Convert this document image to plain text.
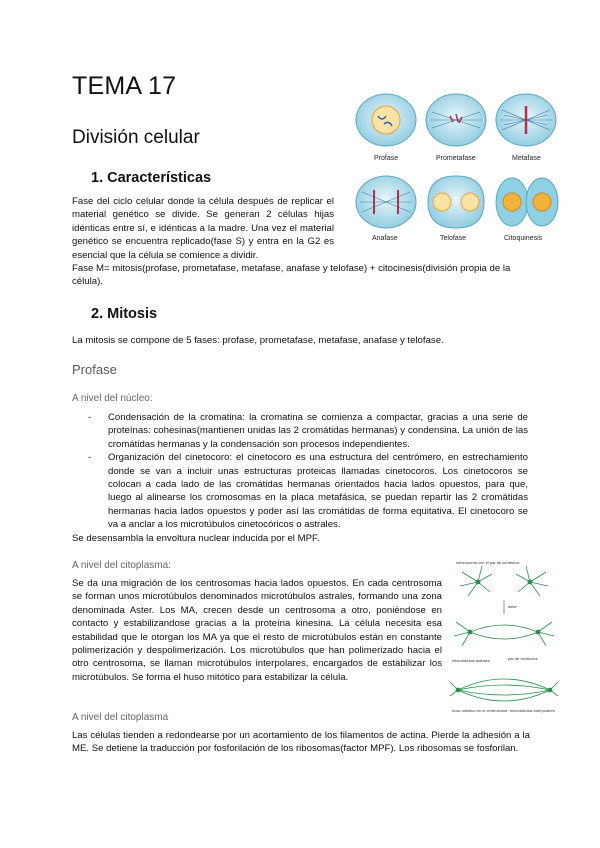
TEMA 17
División celular
1. Características
Fase del ciclo celular donde la célula después de replicar el material genético se divide. Se generan 2 células hijas idénticas entre sí, e idénticas a la madre. Una vez el material genético se encuentra replicado(fase S) y entra en la G2 es esencial que la célula se comience a dividir.
Fase M= mitosis(profase, prometafase, metafase, anafase y telofase) + citocinesis(división propia de la célula).
Profase	Prometafase	Metafase
Anafase	Telofase	Citoquinesis
2. Mitosis
La mitosis se compone de 5 fases: profase, prometafase, metafase, anafase y telofase.
Profase
A nivel del núcleo:
-	Condensación de la cromatina: la cromatina se comienza a compactar, gracias a una serie de proteínas: cohesinas(mantienen unidas las 2 cromátidas hermanas) y condensina. La unión de las cromátidas hermanas y la condensación son procesos independientes.
-	Organización del cinetocoro: el cinetocoro es una estructura del centrómero, en estrechamiento donde se van a incluir unas estructuras proteicas llamadas cinetocoros. Los cinetocoros se colocan a cada lado de las cromátidas hermanas orientados hacia lados opuestos, para que, luego al alinearse los cromosomas en la placa metafásica, se puedan repartir las 2 cromátidas hermanas hacia lados opuestos y poder así las cromátidas de forma equitativa. El cinetocoro se va a anclar a los microtúbulos cinetocóricos o astrales.
Se desensambla la envoltura nuclear inducida por el MPF.
A nivel del citoplasma:
Se da una migración de los centrosomas hacia lados opuestos. En cada centrosoma se forman unos microtúbulos denominados microtúbulos astrales, formando una zona denominada Aster. Los MA, crecen desde un centrosoma a otro, poniéndose en contacto y estabilizandose gracias a la proteína kinesina. La célula necesita esa estabilidad que le otorgan los MA ya que el resto de microtúbulos están en constante polimerización y despolimerización. Los microtúbulos que han polimerizado hacia el otro centrosoma, se llaman microtúbulos interpolares, encargados de estabilizar los microtúbulos. Se forma el huso mitótico para estabilizar la célula.
centrosoma con el par de centriolos
aster
microtúbulos astrales	par de centriolos
huso mitótico en el centrosoma microtúbulos interpolares
A nivel del citoplasma
Las células tienden a redondearse por un acortamiento de los filamentos de actina. Pierde la adhesión a la ME. Se detiene la traducción por fosforilación de los ribosomas(factor MPF). Los ribosomas se fosforilan.
